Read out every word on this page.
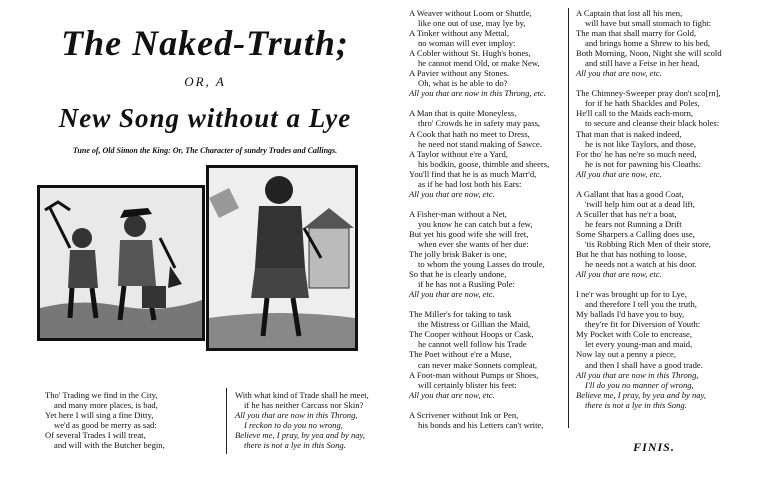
The Naked-Truth;
OR, A
New Song without a Lye
Tune of, Old Simon the King: Or, The Character of sundry Trades and Callings.
Tho' Trading we find in the City,
and many more places, is bad,
Yet here I will sing a fine Ditty,
we'd as good be merry as sad:
Of several Trades I will treat,
and will with the Butcher begin,
With what kind of Trade shall he meet,
if he has neither Carcass nor Skin?
All you that are now in this Throng,
I reckon to do you no wrong,
Believe me, I pray, by yea and by nay,
there is not a lye in this Song.
A Weaver without Loom or Shuttle,
like one out of use, may lye by,
A Tinker without any Mettal,
no woman will ever imploy:
A Cobler without St. Hugh's bones,
he cannot mend Old, or make New,
A Pavier without any Stones.
Oh, what is he able to do?
All you that are now in this Throng, etc.
A Man that is quite Moneyless,
thro' Crowds he in safety may pass,
A Cook that hath no meet to Dress,
he need not stand making of Sawce.
A Taylor without e're a Yard,
his bodkin, goose, thimble and sheers,
You'll find that he is as much Marr'd,
as if he had lost both his Ears:
All you that are now, etc.
A Fisher-man without a Net,
you know he can catch but a few,
But yet his good wife she will fret,
when ever she wants of her due:
The jolly brisk Baker is one,
to whom the young Lasses do troule,
So that he is clearly undone,
if he has not a Rusling Pole:
All you that are now, etc.
The Miller's for taking to task
the Mistress or Gillian the Maid,
The Cooper without Hoops or Cask,
he cannot well follow his Trade
The Poet without e're a Muse,
can never make Sonnets compleat,
A Foot-man without Pumps or Shoes,
will certainly blister his feet:
All you that are now, etc.
A Scrivener without Ink or Pen,
his bonds and his Letters can't write,
A Captain that lost all his men,
will have but small stomach to fight:
The man that shall marry for Gold,
and brings home a Shrew to his bed,
Both Morning, Noon, Night she will scold
and still have a Feise in her head,
All you that are now, etc.
The Chimney-Sweeper pray don't sco[rn],
for if he hath Shackles and Poles,
He'll call to the Maids each-morn,
to secure and cleanse their black holes:
That man that is naked indeed,
he is not like Taylors, and those,
For tho' he has ne're so much need,
he is not for pawning his Cloaths:
All you that are now, etc.
A Gallant that has a good Coat,
'twill help him out at a dead lift,
A Sculler that has ne'r a boat,
he fears not Running a Drift
Some Sharpers a Calling does use,
'tis Robbing Rich Men of their store,
But he that has nothing to loose,
he needs not a watch at his door.
All you that are now, etc.
I ne'r was brought up for to Lye,
and therefore I tell you the truth,
My ballads I'd have you to buy,
they're fit for Diversion of Youth:
My Pocket with Cole to encrease,
let every young-man and maid,
Now lay out a penny a piece,
and then I shall have a good trade.
All you that are now in this Throng,
I'll do you no manner of wrong,
Believe me, I pray, by yea and by nay,
there is not a lye in this Song.
FINIS.
